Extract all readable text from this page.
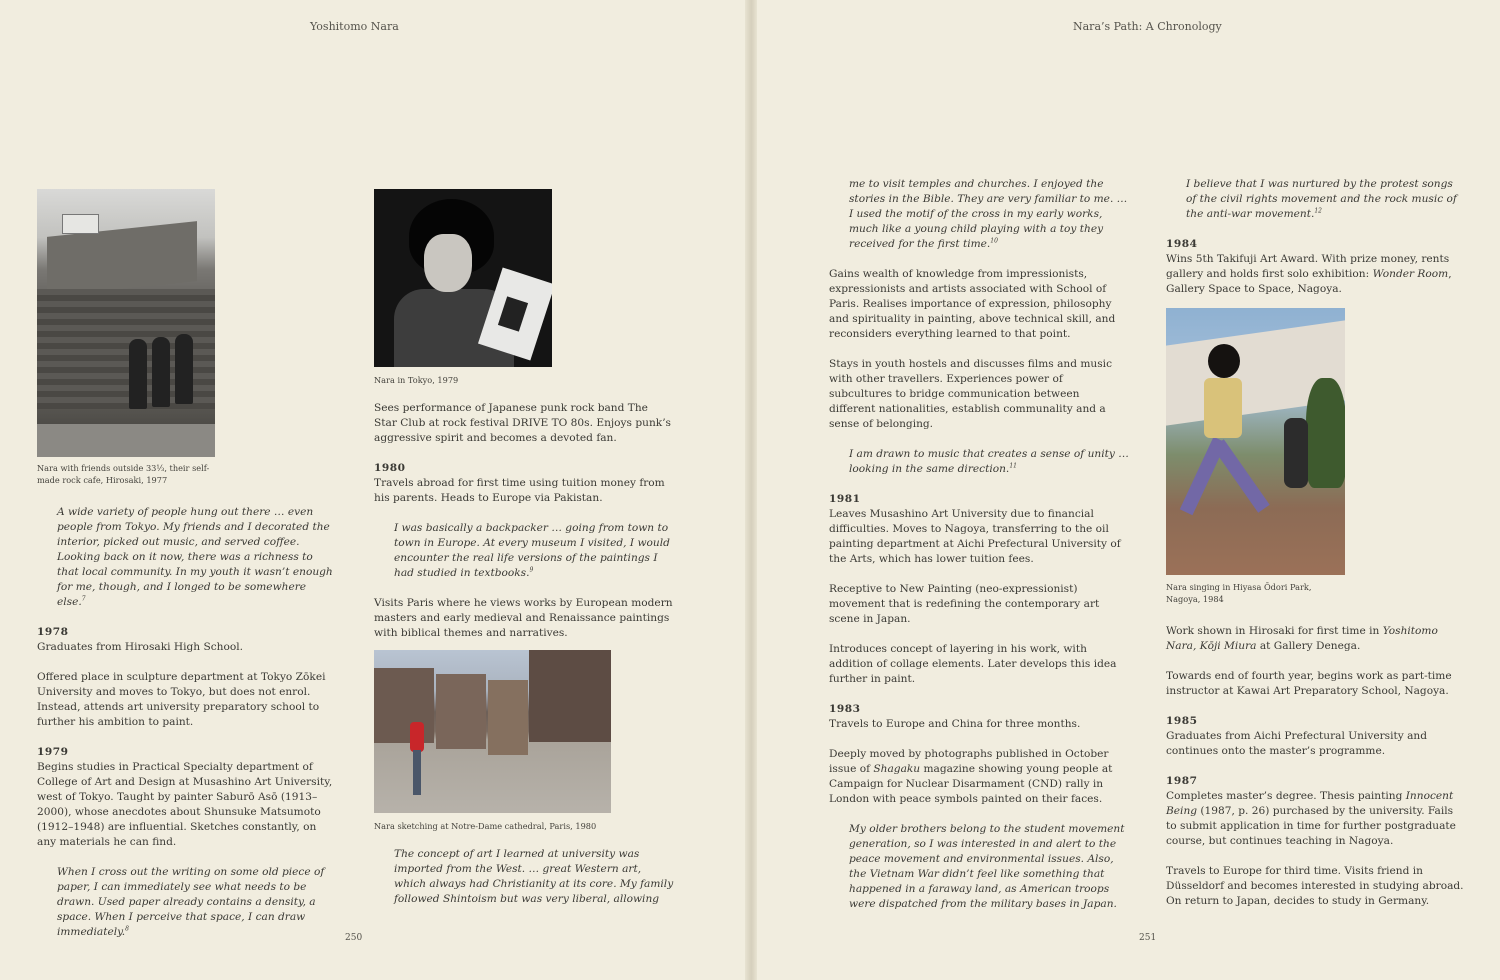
Yoshitomo Nara	Nara’s Path: A Chronology
250	251
Nara with friends outside 33⅓, their self-made rock cafe, Hirosaki, 1977
Nara in Tokyo, 1979
Nara sketching at Notre-Dame cathedral, Paris, 1980
Nara singing in Hiyasa Ōdori Park, Nagoya, 1984

A wide variety of people hung out there … even people from Tokyo. My friends and I decorated the interior, picked out music, and served coffee. Looking back on it now, there was a richness to that local community. In my youth it wasn’t enough for me, though, and I longed to be somewhere else.$^7$

1978

Graduates from Hirosaki High School.

Offered place in sculpture department at Tokyo Zōkei University and moves to Tokyo, but does not enrol. Instead, attends art university preparatory school to further his ambition to paint.

1979

Begins studies in Practical Specialty department of College of Art and Design at Musashino Art University, west of Tokyo. Taught by painter Saburō Asō (1913–2000), whose anecdotes about Shunsuke Matsumoto (1912–1948) are influential. Sketches constantly, on any materials he can find.

When I cross out the writing on some old piece of paper, I can immediately see what needs to be drawn. Used paper already contains a density, a space. When I perceive that space, I can draw immediately.$^8$

Sees performance of Japanese punk rock band The Star Club at rock festival DRIVE TO 80s. Enjoys punk’s aggressive spirit and becomes a devoted fan.

1980

Travels abroad for first time using tuition money from his parents. Heads to Europe via Pakistan.

I was basically a backpacker … going from town to town in Europe. At every museum I visited, I would encounter the real life versions of the paintings I had studied in textbooks.$^9$

Visits Paris where he views works by European modern masters and early medieval and Renaissance paintings with biblical themes and narratives.

The concept of art I learned at university was imported from the West. … great Western art, which always had Christianity at its core. My family followed Shintoism but was very liberal, allowing

me to visit temples and churches. I enjoyed the stories in the Bible. They are very familiar to me. … I used the motif of the cross in my early works, much like a young child playing with a toy they received for the first time.$^{10}$

Gains wealth of knowledge from impressionists, expressionists and artists associated with School of Paris. Realises importance of expression, philosophy and spirituality in painting, above technical skill, and reconsiders everything learned to that point.

Stays in youth hostels and discusses films and music with other travellers. Experiences power of subcultures to bridge communication between different nationalities, establish communality and a sense of belonging.

I am drawn to music that creates a sense of unity … looking in the same direction.$^{11}$

1981

Leaves Musashino Art University due to financial difficulties. Moves to Nagoya, transferring to the oil painting department at Aichi Prefectural University of the Arts, which has lower tuition fees.

Receptive to New Painting (neo-expressionist) movement that is redefining the contemporary art scene in Japan.

Introduces concept of layering in his work, with addition of collage elements. Later develops this idea further in paint.

1983

Travels to Europe and China for three months.

Deeply moved by photographs published in October issue of Shagaku magazine showing young people at Campaign for Nuclear Disarmament (CND) rally in London with peace symbols painted on their faces.

My older brothers belong to the student movement generation, so I was interested in and alert to the peace movement and environmental issues. Also, the Vietnam War didn’t feel like something that happened in a faraway land, as American troops were dispatched from the military bases in Japan.

I believe that I was nurtured by the protest songs of the civil rights movement and the rock music of the anti-war movement.$^{12}$

1984

Wins 5th Takifuji Art Award. With prize money, rents gallery and holds first solo exhibition: Wonder Room, Gallery Space to Space, Nagoya.

Work shown in Hirosaki for first time in Yoshitomo Nara, Kōji Miura at Gallery Denega.

Towards end of fourth year, begins work as part-time instructor at Kawai Art Preparatory School, Nagoya.

1985

Graduates from Aichi Prefectural University and continues onto the master’s programme.

1987

Completes master’s degree. Thesis painting Innocent Being (1987, p. 26) purchased by the university. Fails to submit application in time for further postgraduate course, but continues teaching in Nagoya.

Travels to Europe for third time. Visits friend in Düsseldorf and becomes interested in studying abroad. On return to Japan, decides to study in Germany.
